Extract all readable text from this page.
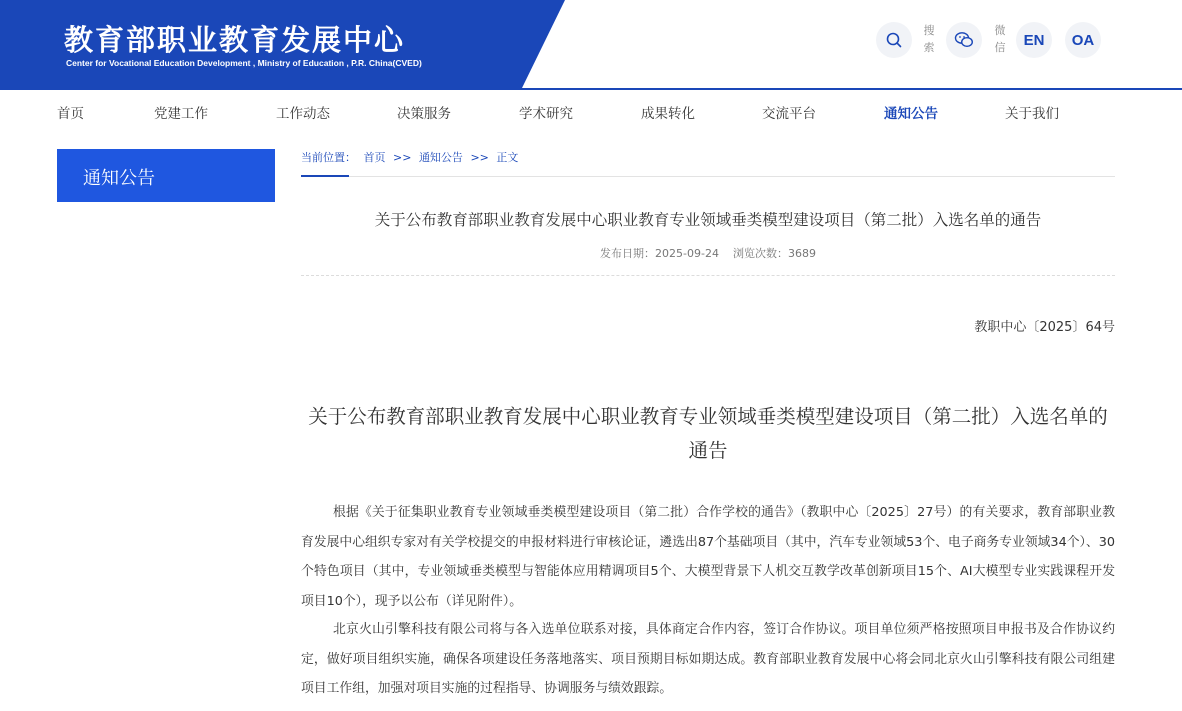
教育部职业教育发展中心
Center for Vocational Education Development , Ministry of Education , P.R. China(CVED)
搜索
微信 EN OA
首页	党建工作	工作动态	决策服务	学术研究	成果转化	交流平台	通知公告	关于我们
通知公告
当前位置： 首页 >> 通知公告 >> 正文
关于公布教育部职业教育发展中心职业教育专业领域垂类模型建设项目（第二批）入选名单的通告
发布日期：2025-09-24 浏览次数：3689
教职中心〔2025〕64号
关于公布教育部职业教育发展中心职业教育专业领域垂类模型建设项目（第二批）入选名单的通告
根据《关于征集职业教育专业领域垂类模型建设项目（第二批）合作学校的通告》（教职中心〔2025〕27号）的有关要求，教育部职业教育发展中心组织专家对有关学校提交的申报材料进行审核论证，遴选出87个基础项目（其中，汽车专业领域53个、电子商务专业领域34个）、30个特色项目（其中，专业领域垂类模型与智能体应用精调项目5个、大模型背景下人机交互教学改革创新项目15个、AI大模型专业实践课程开发项目10个），现予以公布（详见附件）。
北京火山引擎科技有限公司将与各入选单位联系对接，具体商定合作内容，签订合作协议。项目单位须严格按照项目申报书及合作协议约定，做好项目组织实施，确保各项建设任务落地落实、项目预期目标如期达成。教育部职业教育发展中心将会同北京火山引擎科技有限公司组建项目工作组，加强对项目实施的过程指导、协调服务与绩效跟踪。
